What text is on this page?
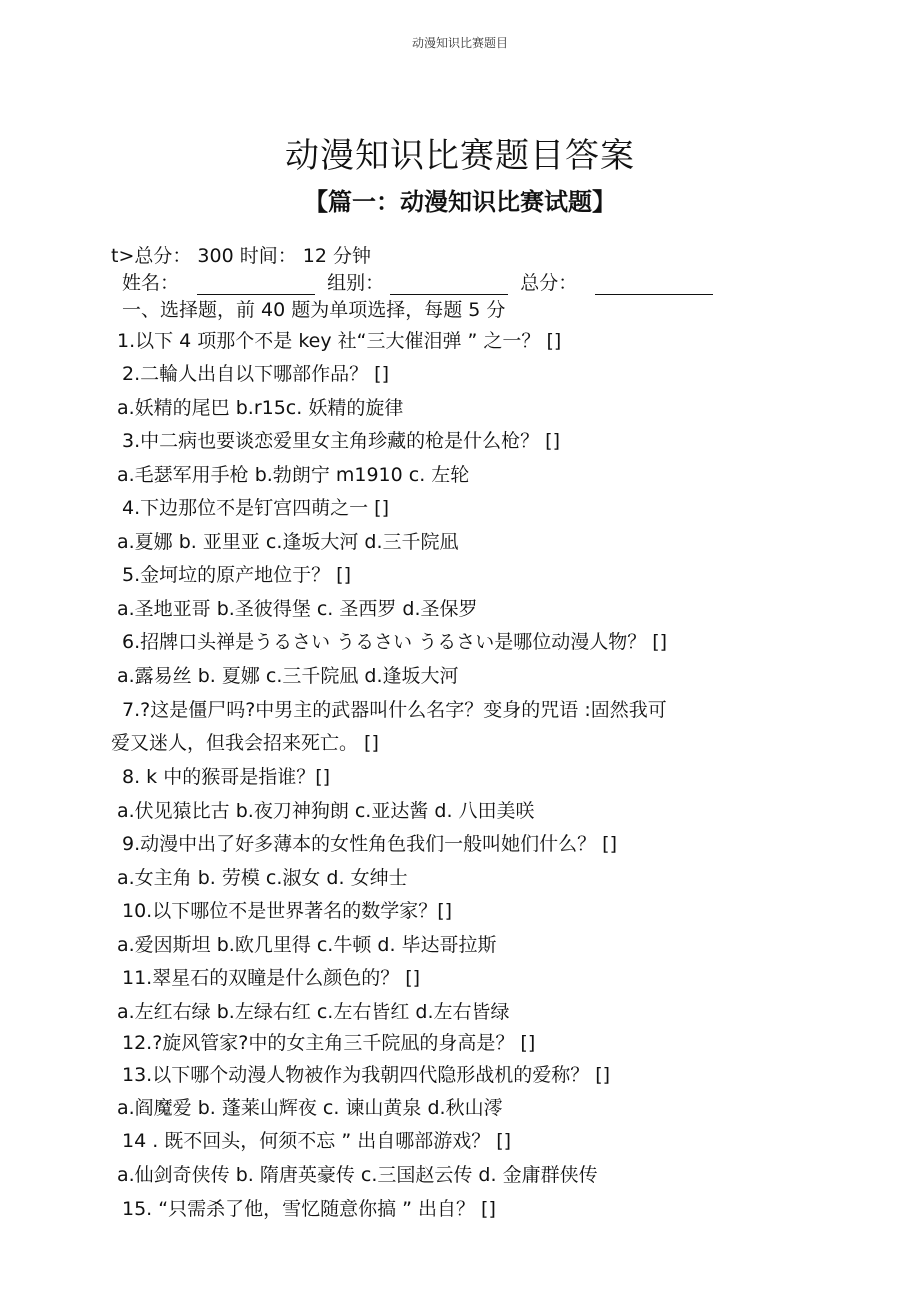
动漫知识比赛题目
动漫知识比赛题目答案
【篇一：动漫知识比赛试题】
t>总分： 300 时间： 12 分钟
姓名：	组别：	总分：
一、选择题，前 40 题为单项选择，每题 5 分
1.以下 4 项那个不是 key 社“三大催泪弹 ” 之一？ []
2.二輪人出自以下哪部作品？ []
a.妖精的尾巴 b.r15c. 妖精的旋律
3.中二病也要谈恋爱里女主角珍藏的枪是什么枪？ []
a.毛瑟军用手枪 b.勃朗宁 m1910 c. 左轮
4.下边那位不是钉宫四萌之一 []
a.夏娜 b. 亚里亚 c.逢坂大河 d.三千院凪
5.金坷垃的原产地位于？ []
a.圣地亚哥 b.圣彼得堡 c. 圣西罗 d.圣保罗
6.招牌口头禅是うるさい うるさい うるさい是哪位动漫人物？ []
a.露易丝 b. 夏娜 c.三千院凪 d.逢坂大河
7.?这是僵尸吗?中男主的武器叫什么名字？变身的咒语 :固然我可
爱又迷人，但我会招来死亡。 []
8. k 中的猴哥是指谁？[]
a.伏见猿比古 b.夜刀神狗朗 c.亚达酱 d. 八田美咲
9.动漫中出了好多薄本的女性角色我们一般叫她们什么？ []
a.女主角 b. 劳模 c.淑女 d. 女绅士
10.以下哪位不是世界著名的数学家？[]
a.爱因斯坦 b.欧几里得 c.牛顿 d. 毕达哥拉斯
11.翠星石的双瞳是什么颜色的？ []
a.左红右绿 b.左绿右红 c.左右皆红 d.左右皆绿
12.?旋风管家?中的女主角三千院凪的身高是？ []
13.以下哪个动漫人物被作为我朝四代隐形战机的爱称？ []
a.阎魔爱 b. 蓬莱山辉夜 c. 谏山黄泉 d.秋山澪
14 . 既不回头，何须不忘 ” 出自哪部游戏？ []
a.仙剑奇侠传 b. 隋唐英豪传 c.三国赵云传 d. 金庸群侠传
15. “只需杀了他，雪忆随意你搞 ” 出自？ []
